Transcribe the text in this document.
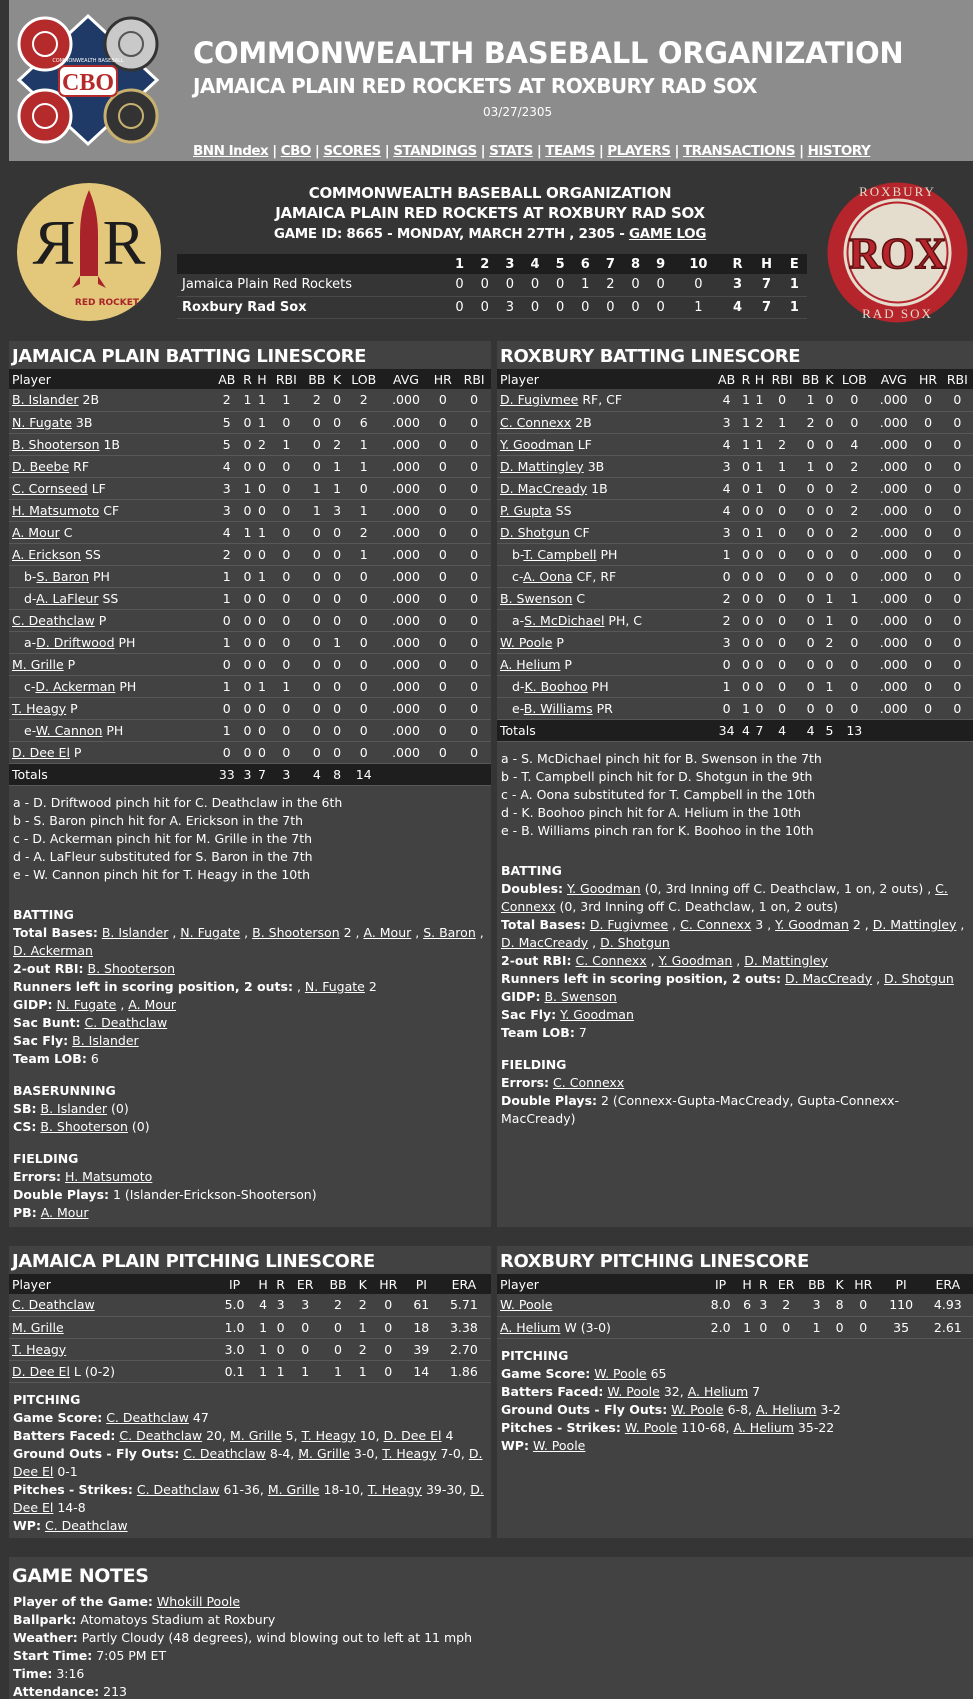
CBO
COMMONWEALTH BASEBALL COMMONWEALTH BASEBALL ORGANIZATION
JAMAICA PLAIN RED ROCKETS AT ROXBURY RAD SOX
03/27/2305
BNN Index | CBO | SCORES | STANDINGS | STATS | TEAMS | PLAYERS | TRANSACTIONS | HISTORY
R R
RED ROCKET
COMMONWEALTH BASEBALL ORGANIZATION
JAMAICA PLAIN RED ROCKETS AT ROXBURY RAD SOX
GAME ID: 8665 - MONDAY, MARCH 27TH , 2305 - GAME LOG
	1	2	3	4	5	6	7	8	9	10	R	H	E
Jamaica Plain Red Rockets	0	0	0	0	0	1	2	0	0	0	3	7	1
Roxbury Rad Sox	0	0	3	0	0	0	0	0	0	1	4	7	1
ROXBURY
RAD SOX
ROX
JAMAICA PLAIN BATTING LINESCORE
Player	AB	R	H	RBI	BB	K	LOB	AVG	HR	RBI
B. Islander 2B	2	1	1	1	2	0	2	.000	0	0
N. Fugate 3B	5	0	1	0	0	0	6	.000	0	0
B. Shooterson 1B	5	0	2	1	0	2	1	.000	0	0
D. Beebe RF	4	0	0	0	0	1	1	.000	0	0
C. Cornseed LF	3	1	0	0	1	1	0	.000	0	0
H. Matsumoto CF	3	0	0	0	1	3	1	.000	0	0
A. Mour C	4	1	1	0	0	0	2	.000	0	0
A. Erickson SS	2	0	0	0	0	0	1	.000	0	0
b-S. Baron PH	1	0	1	0	0	0	0	.000	0	0
d-A. LaFleur SS	1	0	0	0	0	0	0	.000	0	0
C. Deathclaw P	0	0	0	0	0	0	0	.000	0	0
a-D. Driftwood PH	1	0	0	0	0	1	0	.000	0	0
M. Grille P	0	0	0	0	0	0	0	.000	0	0
c-D. Ackerman PH	1	0	1	1	0	0	0	.000	0	0
T. Heagy P	0	0	0	0	0	0	0	.000	0	0
e-W. Cannon PH	1	0	0	0	0	0	0	.000	0	0
D. Dee El P	0	0	0	0	0	0	0	.000	0	0
Totals	33	3	7	3	4	8	14			
a - D. Driftwood pinch hit for C. Deathclaw in the 6th
b - S. Baron pinch hit for A. Erickson in the 7th
c - D. Ackerman pinch hit for M. Grille in the 7th
d - A. LaFleur substituted for S. Baron in the 7th
e - W. Cannon pinch hit for T. Heagy in the 10th
BATTING
Total Bases: B. Islander , N. Fugate , B. Shooterson 2 , A. Mour , S. Baron , D. Ackerman
2-out RBI: B. Shooterson
Runners left in scoring position, 2 outs: , N. Fugate 2
GIDP: N. Fugate , A. Mour
Sac Bunt: C. Deathclaw
Sac Fly: B. Islander
Team LOB: 6
BASERUNNING
SB: B. Islander (0)
CS: B. Shooterson (0)
FIELDING
Errors: H. Matsumoto
Double Plays: 1 (Islander-Erickson-Shooterson)
PB: A. Mour
ROXBURY BATTING LINESCORE
Player	AB	R	H	RBI	BB	K	LOB	AVG	HR	RBI
D. Fugivmee RF, CF	4	1	1	0	1	0	0	.000	0	0
C. Connexx 2B	3	1	2	1	2	0	0	.000	0	0
Y. Goodman LF	4	1	1	2	0	0	4	.000	0	0
D. Mattingley 3B	3	0	1	1	1	0	2	.000	0	0
D. MacCready 1B	4	0	1	0	0	0	2	.000	0	0
P. Gupta SS	4	0	0	0	0	0	2	.000	0	0
D. Shotgun CF	3	0	1	0	0	0	2	.000	0	0
b-T. Campbell PH	1	0	0	0	0	0	0	.000	0	0
c-A. Oona CF, RF	0	0	0	0	0	0	0	.000	0	0
B. Swenson C	2	0	0	0	0	1	1	.000	0	0
a-S. McDichael PH, C	2	0	0	0	0	1	0	.000	0	0
W. Poole P	3	0	0	0	0	2	0	.000	0	0
A. Helium P	0	0	0	0	0	0	0	.000	0	0
d-K. Boohoo PH	1	0	0	0	0	1	0	.000	0	0
e-B. Williams PR	0	1	0	0	0	0	0	.000	0	0
Totals	34	4	7	4	4	5	13			
a - S. McDichael pinch hit for B. Swenson in the 7th
b - T. Campbell pinch hit for D. Shotgun in the 9th
c - A. Oona substituted for T. Campbell in the 10th
d - K. Boohoo pinch hit for A. Helium in the 10th
e - B. Williams pinch ran for K. Boohoo in the 10th
BATTING
Doubles: Y. Goodman (0, 3rd Inning off C. Deathclaw, 1 on, 2 outs) , C. Connexx (0, 3rd Inning off C. Deathclaw, 1 on, 2 outs)
Total Bases: D. Fugivmee , C. Connexx 3 , Y. Goodman 2 , D. Mattingley , D. MacCready , D. Shotgun
2-out RBI: C. Connexx , Y. Goodman , D. Mattingley
Runners left in scoring position, 2 outs: D. MacCready , D. Shotgun
GIDP: B. Swenson
Sac Fly: Y. Goodman
Team LOB: 7
FIELDING
Errors: C. Connexx
Double Plays: 2 (Connexx-Gupta-MacCready, Gupta-Connexx-MacCready)
JAMAICA PLAIN PITCHING LINESCORE
Player	IP	H	R	ER	BB	K	HR	PI	ERA
C. Deathclaw	5.0	4	3	3	2	2	0	61	5.71
M. Grille	1.0	1	0	0	0	1	0	18	3.38
T. Heagy	3.0	1	0	0	0	2	0	39	2.70
D. Dee El L (0-2)	0.1	1	1	1	1	1	0	14	1.86
PITCHING
Game Score: C. Deathclaw 47
Batters Faced: C. Deathclaw 20, M. Grille 5, T. Heagy 10, D. Dee El 4
Ground Outs - Fly Outs: C. Deathclaw 8-4, M. Grille 3-0, T. Heagy 7-0, D. Dee El 0-1
Pitches - Strikes: C. Deathclaw 61-36, M. Grille 18-10, T. Heagy 39-30, D. Dee El 14-8
WP: C. Deathclaw
ROXBURY PITCHING LINESCORE
Player	IP	H	R	ER	BB	K	HR	PI	ERA
W. Poole	8.0	6	3	2	3	8	0	110	4.93
A. Helium W (3-0)	2.0	1	0	0	1	0	0	35	2.61
PITCHING
Game Score: W. Poole 65
Batters Faced: W. Poole 32, A. Helium 7
Ground Outs - Fly Outs: W. Poole 6-8, A. Helium 3-2
Pitches - Strikes: W. Poole 110-68, A. Helium 35-22
WP: W. Poole
GAME NOTES
Player of the Game: Whokill Poole
Ballpark: Atomatoys Stadium at Roxbury
Weather: Partly Cloudy (48 degrees), wind blowing out to left at 11 mph
Start Time: 7:05 PM ET
Time: 3:16
Attendance: 213
